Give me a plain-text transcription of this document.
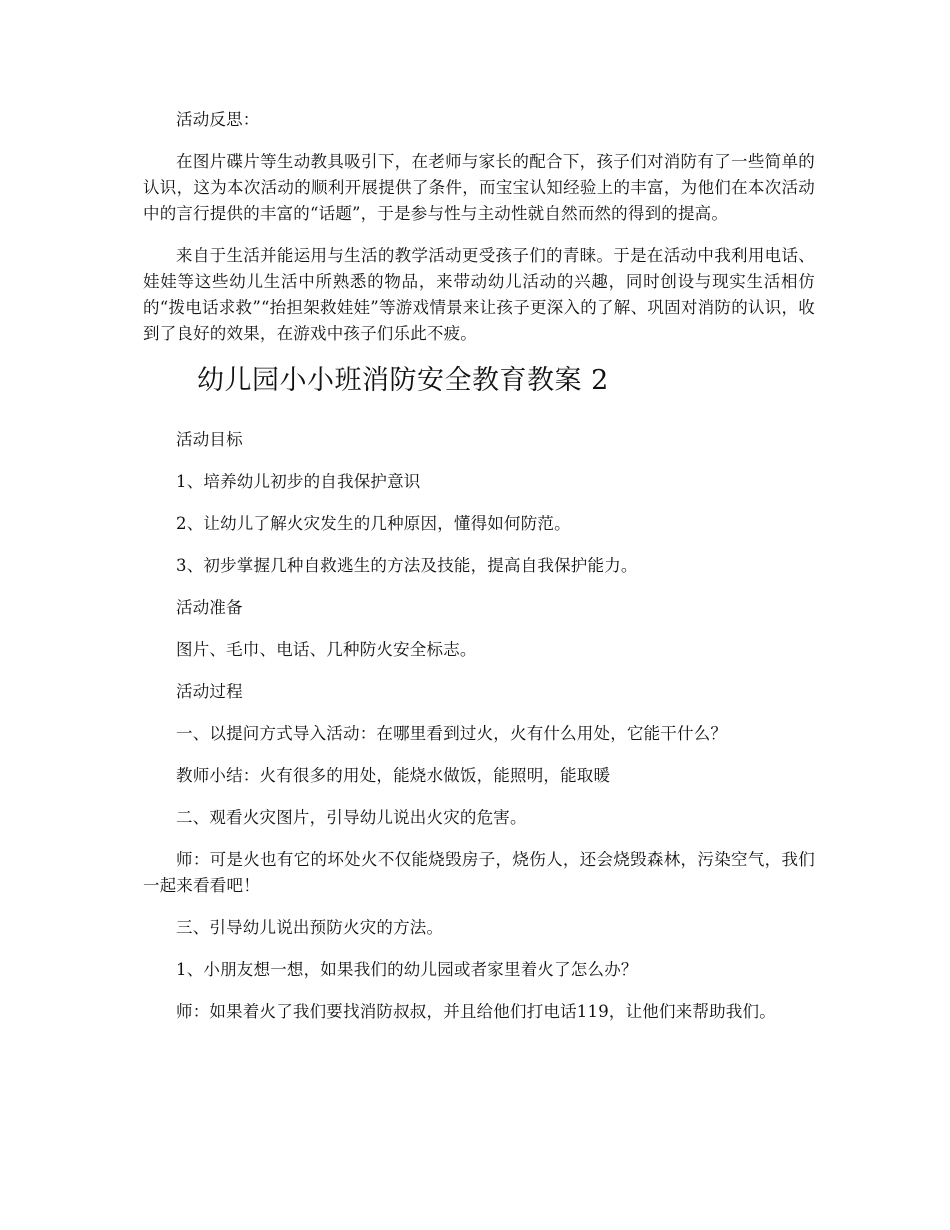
活动反思：

在图片碟片等生动教具吸引下，在老师与家长的配合下，孩子们对消防有了一些简单的认识，这为本次活动的顺利开展提供了条件，而宝宝认知经验上的丰富，为他们在本次活动中的言行提供的丰富的“话题”，于是参与性与主动性就自然而然的得到的提高。

来自于生活并能运用与生活的教学活动更受孩子们的青睐。于是在活动中我利用电话、娃娃等这些幼儿生活中所熟悉的物品，来带动幼儿活动的兴趣，同时创设与现实生活相仿的“拨电话求救”“抬担架救娃娃”等游戏情景来让孩子更深入的了解、巩固对消防的认识，收到了良好的效果，在游戏中孩子们乐此不疲。

幼儿园小小班消防安全教育教案 2

活动目标

1、培养幼儿初步的自我保护意识

2、让幼儿了解火灾发生的几种原因，懂得如何防范。

3、初步掌握几种自救逃生的方法及技能，提高自我保护能力。

活动准备

图片、毛巾、电话、几种防火安全标志。

活动过程

一、以提问方式导入活动：在哪里看到过火，火有什么用处，它能干什么？

教师小结：火有很多的用处，能烧水做饭，能照明，能取暖

二、观看火灾图片，引导幼儿说出火灾的危害。

师：可是火也有它的坏处火不仅能烧毁房子，烧伤人，还会烧毁森林，污染空气，我们一起来看看吧！

三、引导幼儿说出预防火灾的方法。

1、小朋友想一想，如果我们的幼儿园或者家里着火了怎么办？

师：如果着火了我们要找消防叔叔，并且给他们打电话119，让他们来帮助我们。
